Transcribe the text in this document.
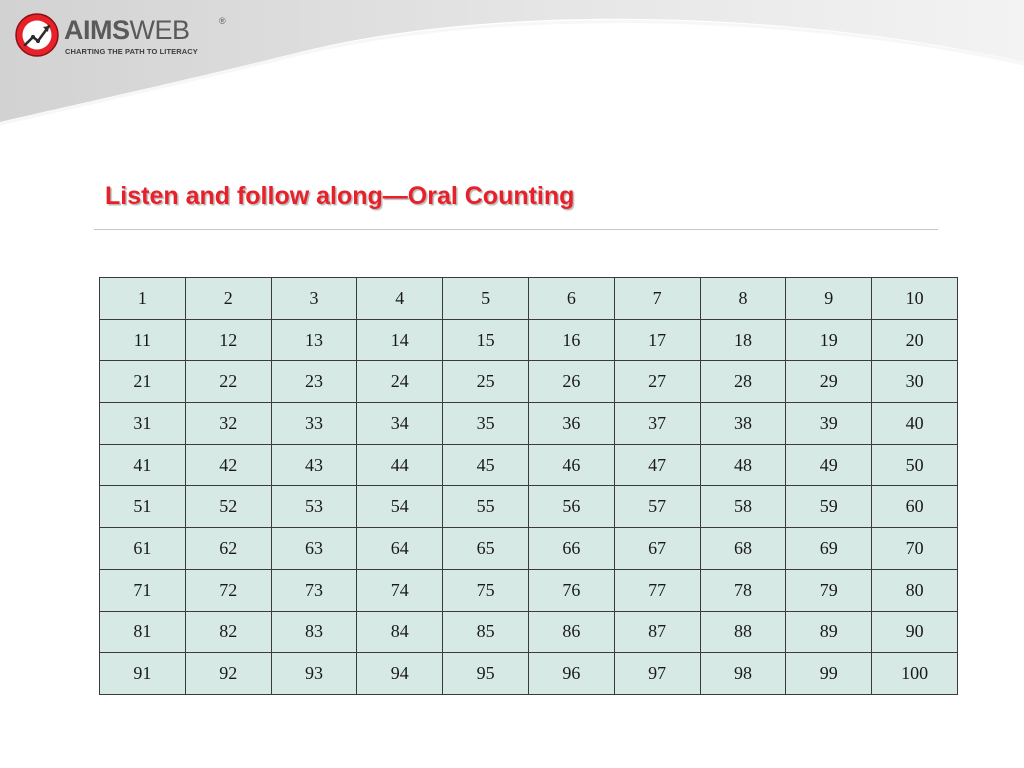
AIMSWEB	®
CHARTING THE PATH TO LITERACY
Listen and follow along—Oral Counting
1	2	3	4	5	6	7	8	9	10
11	12	13	14	15	16	17	18	19	20
21	22	23	24	25	26	27	28	29	30
31	32	33	34	35	36	37	38	39	40
41	42	43	44	45	46	47	48	49	50
51	52	53	54	55	56	57	58	59	60
61	62	63	64	65	66	67	68	69	70
71	72	73	74	75	76	77	78	79	80
81	82	83	84	85	86	87	88	89	90
91	92	93	94	95	96	97	98	99	100
